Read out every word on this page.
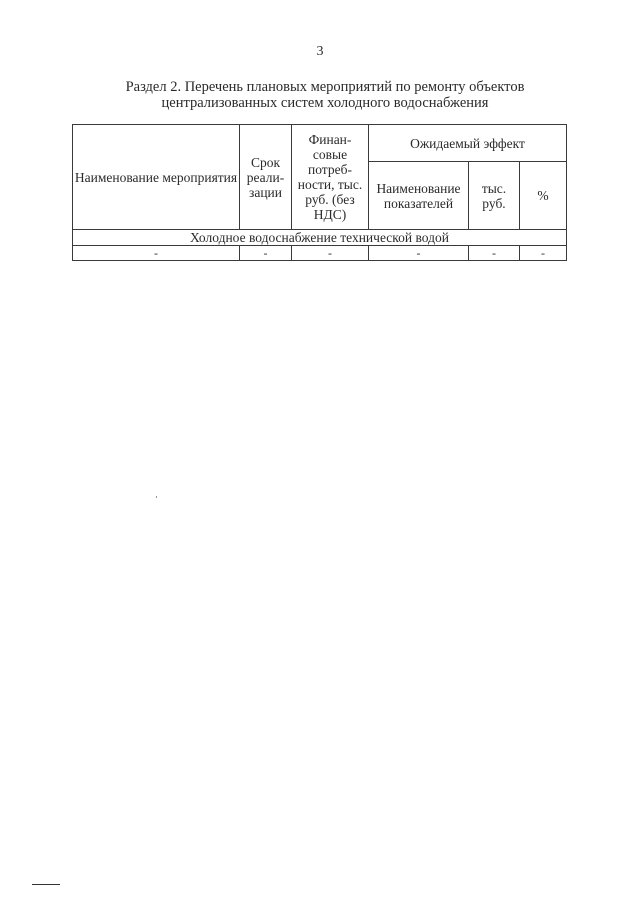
3
Раздел 2. Перечень плановых мероприятий по ремонту объектов
централизованных систем холодного водоснабжения
Наименование мероприятия	Срок реали-зации	Финан-совые потреб-ности, тыс. руб. (без НДС)	Ожидаемый эффект		
			Наименование показателей	тыс. руб.	%
Холодное водоснабжение технической водой					
-	-	-	-	-	-
